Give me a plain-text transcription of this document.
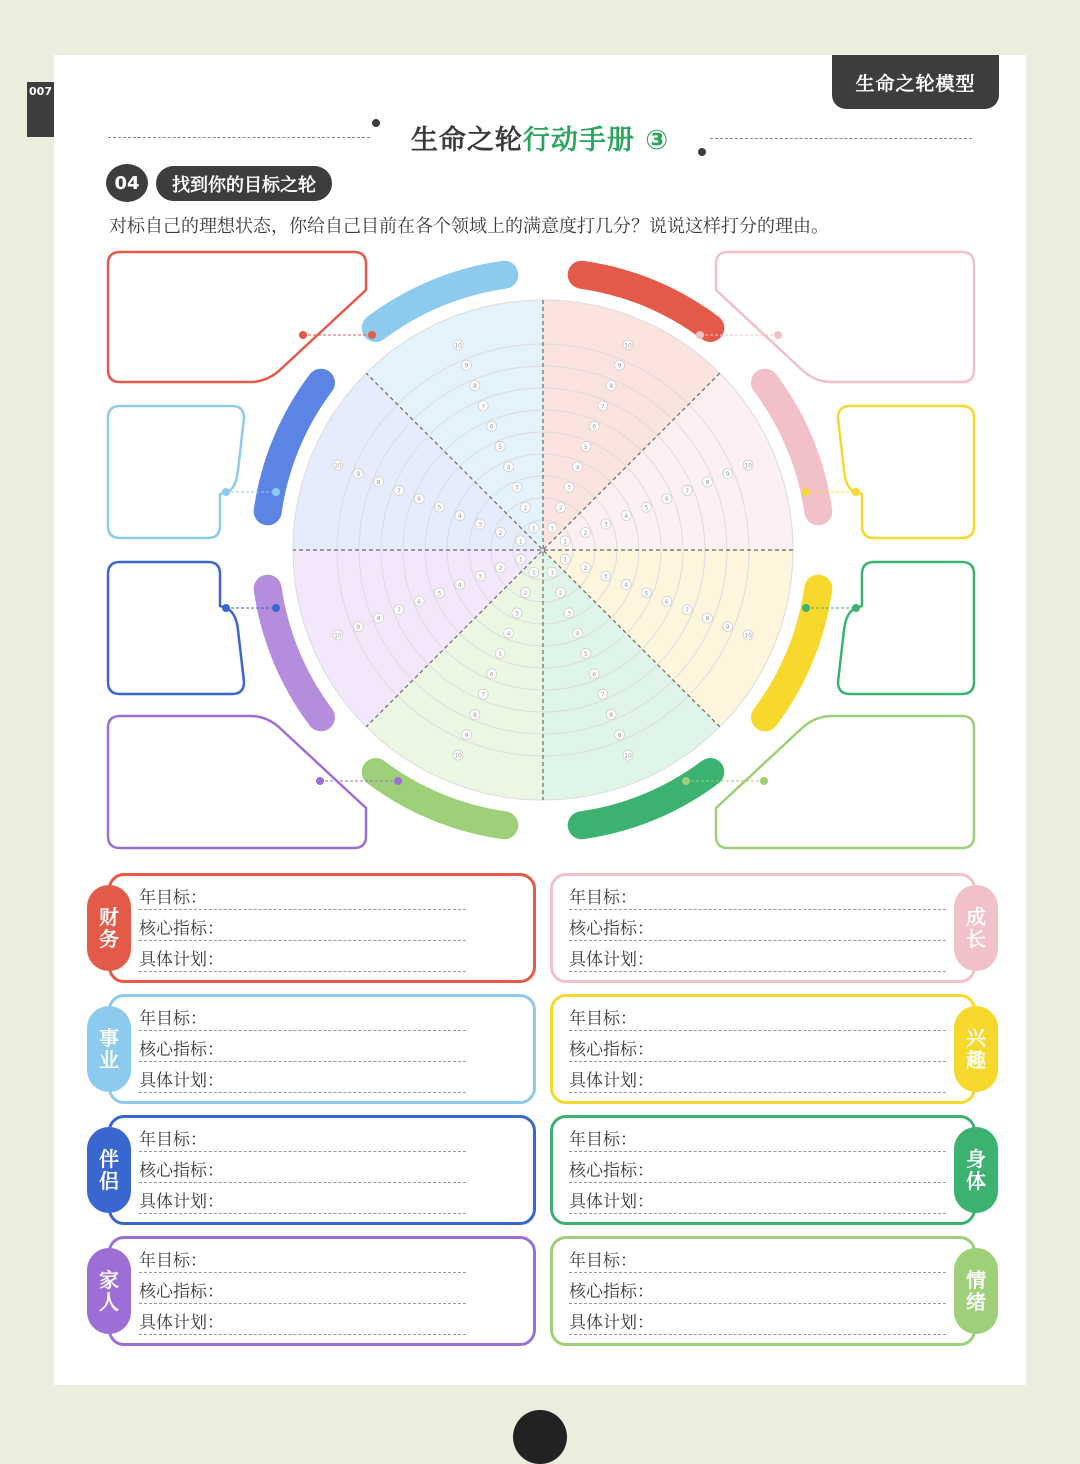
007	生命之轮模型
生命之轮行动手册 ③
04	找到你的目标之轮
对标自己的理想状态，你给自己目前在各个领域上的满意度打几分？说说这样打分的理由。
1
2
3
4
5
6
7
8
9
10
1
2
3
4
5
6
7
8
9
10
1
2
3
4
5
6
7
8
9
10
1
2
3
4
5
6
7
8
9
10
1
2
3
4
5
6
7
8
9
10
1
2
3
4
5
6
7
8
9
10
1
2
3
4
5
6
7
8
9
10
1
2
3
4
5
6
7
8
9
10
财
务
年目标：
核心指标：
具体计划：
成
长
年目标：
核心指标：
具体计划：
事
业
年目标：
核心指标：
具体计划：
兴
趣
年目标：
核心指标：
具体计划：
伴
侣
年目标：
核心指标：
具体计划：
身
体
年目标：
核心指标：
具体计划：
家
人
年目标：
核心指标：
具体计划：
情
绪
年目标：
核心指标：
具体计划：
